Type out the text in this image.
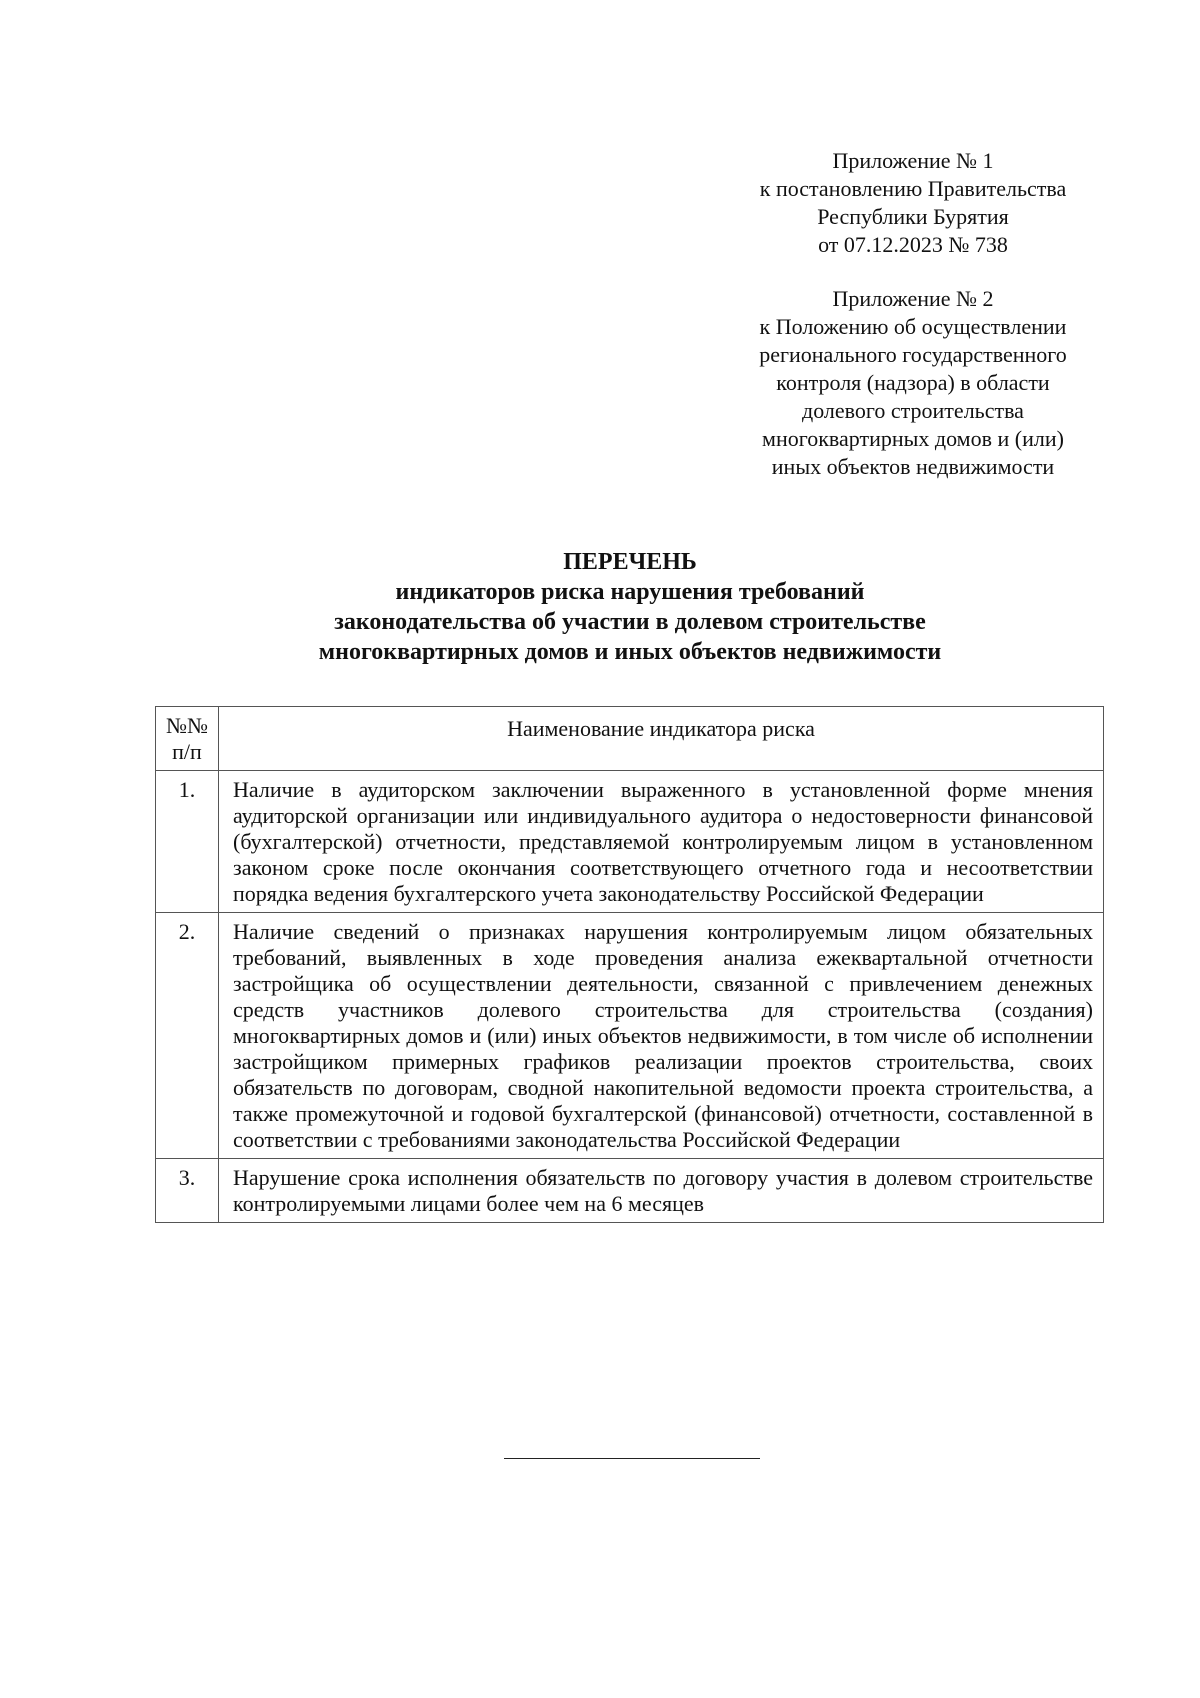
Приложение № 1
к постановлению Правительства
Республики Бурятия
от 07.12.2023 № 738
Приложение № 2
к Положению об осуществлении
регионального государственного
контроля (надзора) в области
долевого строительства
многоквартирных домов и (или)
иных объектов недвижимости
ПЕРЕЧЕНЬ
индикаторов риска нарушения требований
законодательства об участии в долевом строительстве
многоквартирных домов и иных объектов недвижимости
№№
п/п	Наименование индикатора риска
1.	Наличие в аудиторском заключении выраженного в установленной форме мнения аудиторской организации или индивидуального аудитора о недостоверности финансовой (бухгалтерской) отчетности, представляемой контролируемым лицом в установленном законом сроке после окончания соответствующего отчетного года и несоответствии порядка ведения бухгалтерского учета законодательству Российской Федерации
2.	Наличие сведений о признаках нарушения контролируемым лицом обязательных требований, выявленных в ходе проведения анализа ежеквартальной отчетности застройщика об осуществлении деятельности, связанной с привлечением денежных средств участников долевого строительства для строительства (создания) многоквартирных домов и (или) иных объектов недвижимости, в том числе об исполнении застройщиком примерных графиков реализации проектов строительства, своих обязательств по договорам, сводной накопительной ведомости проекта строительства, а также промежуточной и годовой бухгалтерской (финансовой) отчетности, составленной в соответствии с требованиями законодательства Российской Федерации
3.	Нарушение срока исполнения обязательств по договору участия в долевом строительстве контролируемыми лицами более чем на 6 месяцев
